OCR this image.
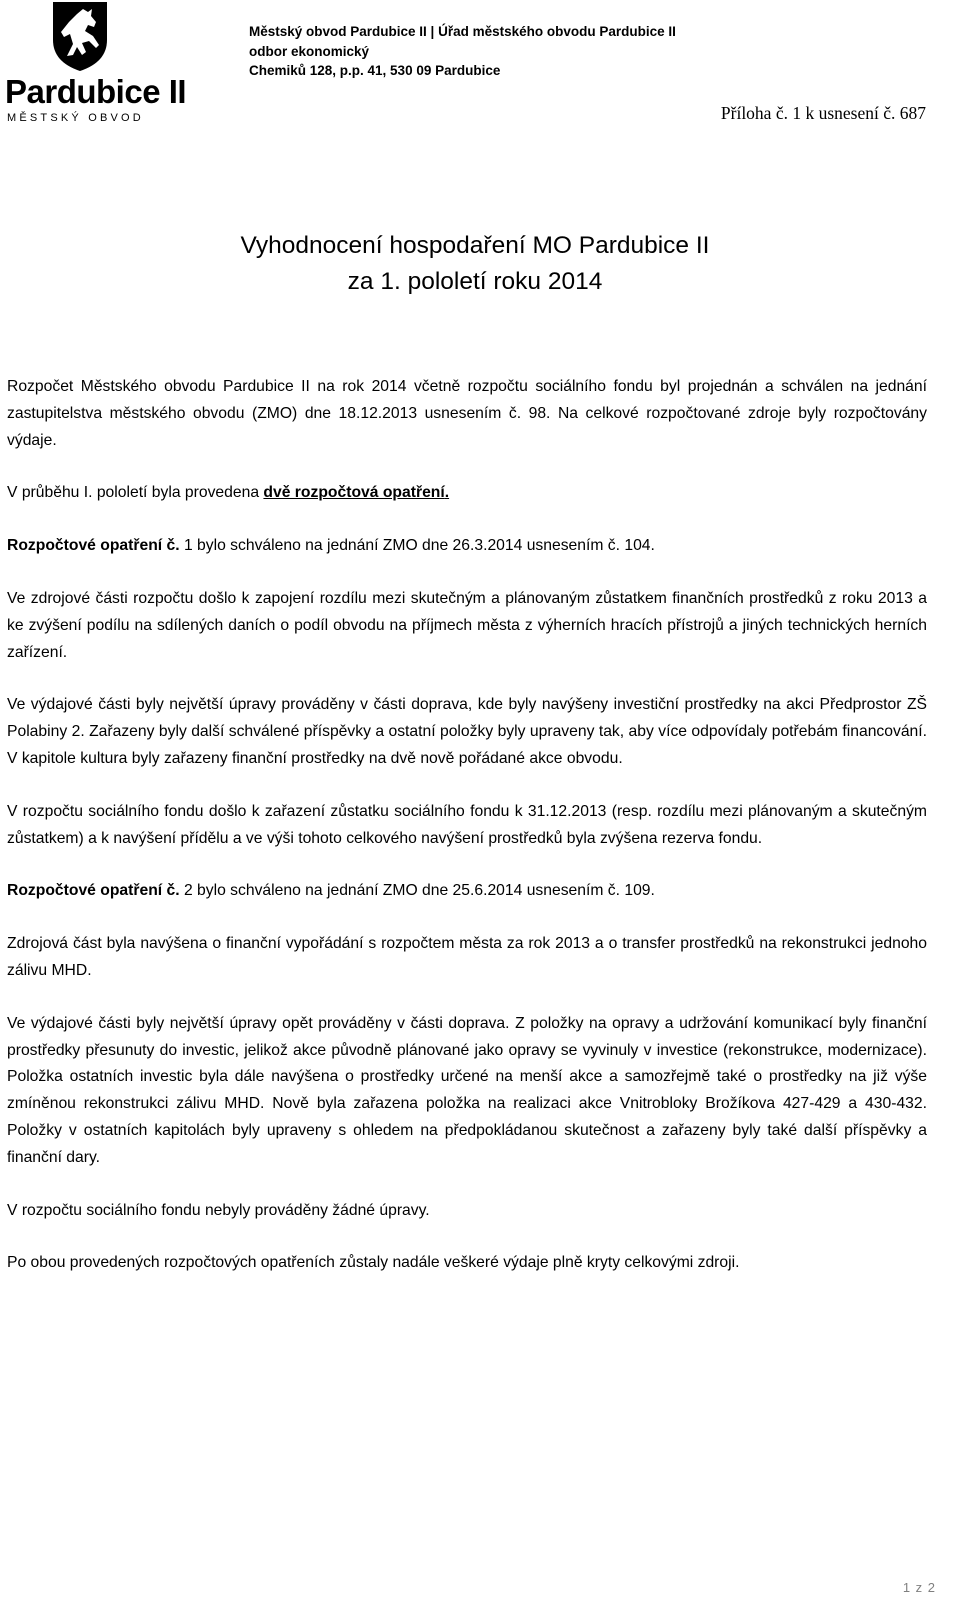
Pardubice II
MĚSTSKÝ OBVOD
Městský obvod Pardubice II | Úřad městského obvodu Pardubice II
odbor ekonomický
Chemiků 128, p.p. 41, 530 09 Pardubice
Příloha č. 1 k usnesení č. 687
Vyhodnocení hospodaření MO Pardubice II
za 1. pololetí roku 2014

Rozpočet Městského obvodu Pardubice II na rok 2014 včetně rozpočtu sociálního fondu byl projednán a schválen na jednání zastupitelstva městského obvodu (ZMO) dne 18.12.2013 usnesením č. 98. Na celkové rozpočtované zdroje byly rozpočtovány výdaje.

V průběhu I. pololetí byla provedena dvě rozpočtová opatření.

Rozpočtové opatření č. 1 bylo schváleno na jednání ZMO dne 26.3.2014 usnesením č. 104.

Ve zdrojové části rozpočtu došlo k zapojení rozdílu mezi skutečným a plánovaným zůstatkem finančních prostředků z roku 2013 a ke zvýšení podílu na sdílených daních o podíl obvodu na příjmech města z výherních hracích přístrojů a jiných technických herních zařízení.

Ve výdajové části byly největší úpravy prováděny v části doprava, kde byly navýšeny investiční prostředky na akci Předprostor ZŠ Polabiny 2. Zařazeny byly další schválené příspěvky a ostatní položky byly upraveny tak, aby více odpovídaly potřebám financování. V kapitole kultura byly zařazeny finanční prostředky na dvě nově pořádané akce obvodu.

V rozpočtu sociálního fondu došlo k zařazení zůstatku sociálního fondu k 31.12.2013 (resp. rozdílu mezi plánovaným a skutečným zůstatkem) a k navýšení přídělu a ve výši tohoto celkového navýšení prostředků byla zvýšena rezerva fondu.

Rozpočtové opatření č. 2 bylo schváleno na jednání ZMO dne 25.6.2014 usnesením č. 109.

Zdrojová část byla navýšena o finanční vypořádání s rozpočtem města za rok 2013 a o transfer prostředků na rekonstrukci jednoho zálivu MHD.

Ve výdajové části byly největší úpravy opět prováděny v části doprava. Z položky na opravy a udržování komunikací byly finanční prostředky přesunuty do investic, jelikož akce původně plánované jako opravy se vyvinuly v investice (rekonstrukce, modernizace). Položka ostatních investic byla dále navýšena o prostředky určené na menší akce a samozřejmě také o prostředky na již výše zmíněnou rekonstrukci zálivu MHD. Nově byla zařazena položka na realizaci akce Vnitrobloky Brožíkova 427-429 a 430-432. Položky v ostatních kapitolách byly upraveny s ohledem na předpokládanou skutečnost a zařazeny byly také další příspěvky a finanční dary.

V rozpočtu sociálního fondu nebyly prováděny žádné úpravy.

Po obou provedených rozpočtových opatřeních zůstaly nadále veškeré výdaje plně kryty celkovými zdroji.

1 z 2
